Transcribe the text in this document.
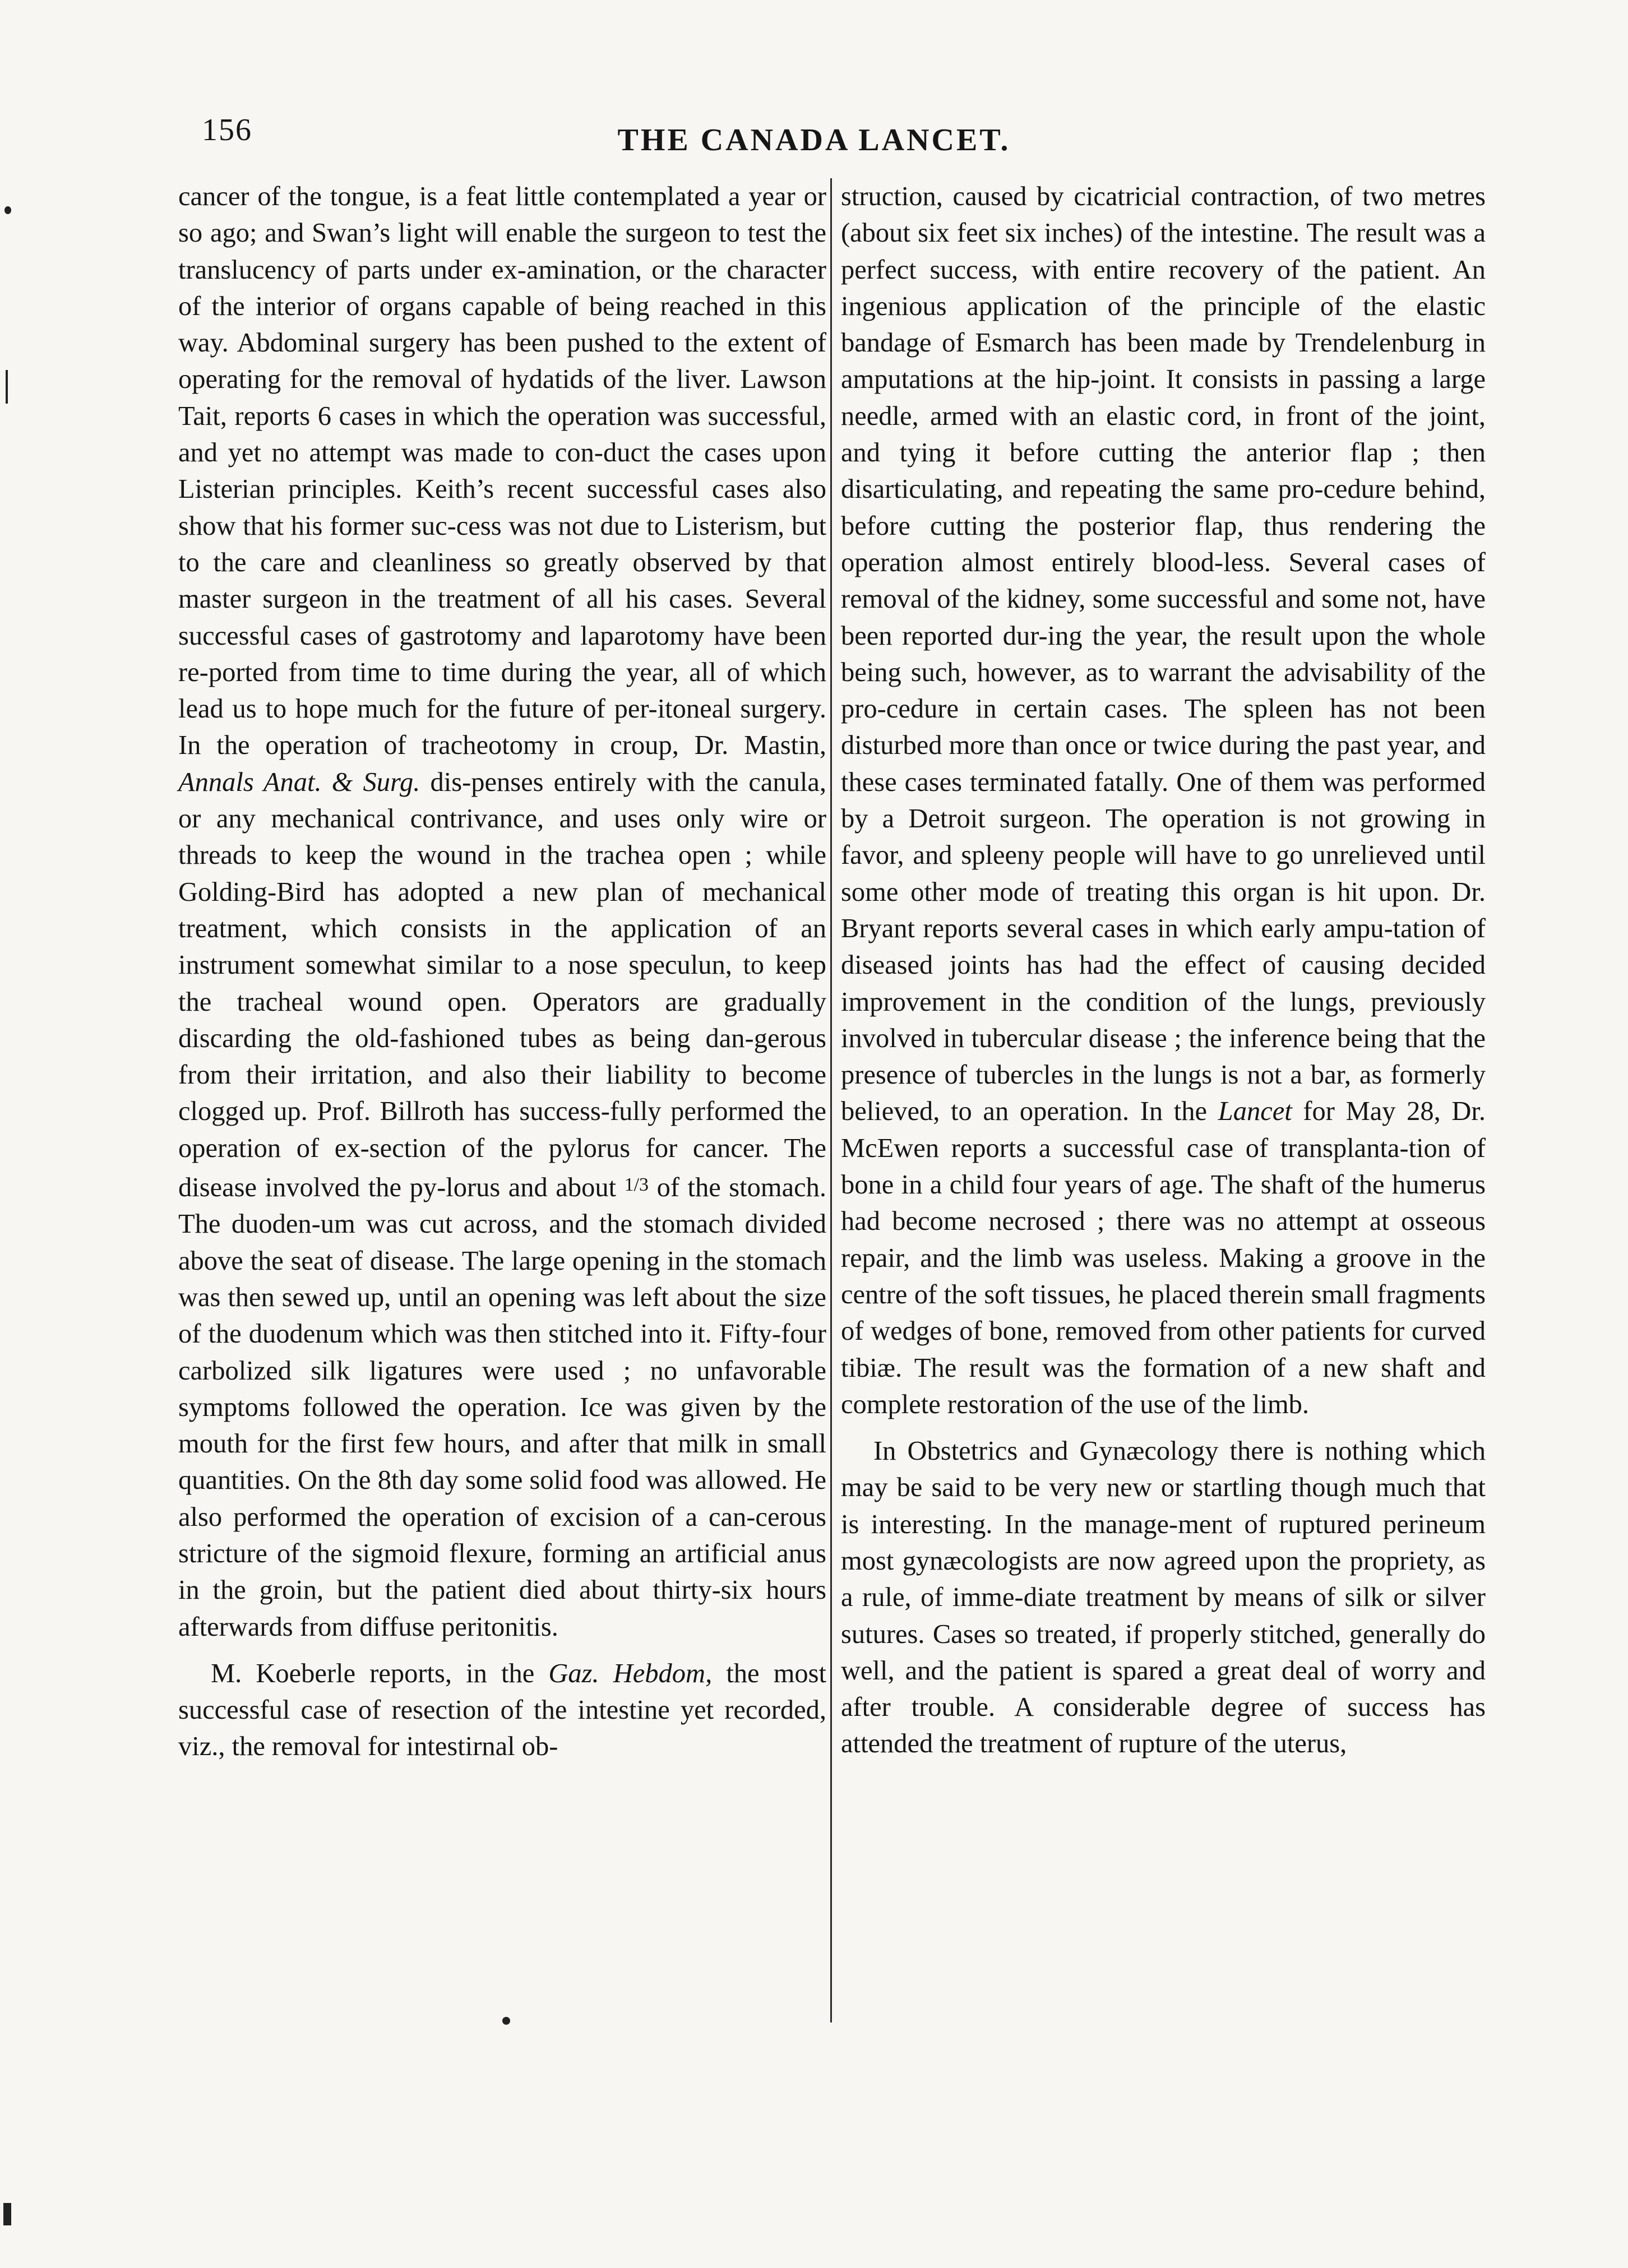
156	THE CANADA LANCET.

cancer of the tongue, is a feat little contemplated a year or so ago; and Swan’s light will enable the surgeon to test the translucency of parts under ex-amination, or the character of the interior of organs capable of being reached in this way. Abdominal surgery has been pushed to the extent of operating for the removal of hydatids of the liver. Lawson Tait, reports 6 cases in which the operation was successful, and yet no attempt was made to con-duct the cases upon Listerian principles. Keith’s recent successful cases also show that his former suc-cess was not due to Listerism, but to the care and cleanliness so greatly observed by that master surgeon in the treatment of all his cases. Several successful cases of gastrotomy and laparotomy have been re-ported from time to time during the year, all of which lead us to hope much for the future of per-itoneal surgery. In the operation of tracheotomy in croup, Dr. Mastin, Annals Anat. & Surg. dis-penses entirely with the canula, or any mechanical contrivance, and uses only wire or threads to keep the wound in the trachea open ; while Golding-Bird has adopted a new plan of mechanical treatment, which consists in the application of an instrument somewhat similar to a nose speculun, to keep the tracheal wound open. Operators are gradually discarding the old-fashioned tubes as being dan-gerous from their irritation, and also their liability to become clogged up. Prof. Billroth has success-fully performed the operation of ex-section of the pylorus for cancer. The disease involved the py-lorus and about $^{1/3}$ of the stomach. The duoden-um was cut across, and the stomach divided above the seat of disease. The large opening in the stomach was then sewed up, until an opening was left about the size of the duodenum which was then stitched into it. Fifty-four carbolized silk ligatures were used ; no unfavorable symptoms followed the operation. Ice was given by the mouth for the first few hours, and after that milk in small quantities. On the 8th day some solid food was allowed. He also performed the operation of excision of a can-cerous stricture of the sigmoid flexure, forming an artificial anus in the groin, but the patient died about thirty-six hours afterwards from diffuse peritonitis.

M. Koeberle reports, in the Gaz. Hebdom, the most successful case of resection of the intestine yet recorded, viz., the removal for intestirnal ob-

struction, caused by cicatricial contraction, of two metres (about six feet six inches) of the intestine. The result was a perfect success, with entire recovery of the patient. An ingenious application of the principle of the elastic bandage of Esmarch has been made by Trendelenburg in amputations at the hip-joint. It consists in passing a large needle, armed with an elastic cord, in front of the joint, and tying it before cutting the anterior flap ; then disarticulating, and repeating the same pro-cedure behind, before cutting the posterior flap, thus rendering the operation almost entirely blood-less. Several cases of removal of the kidney, some successful and some not, have been reported dur-ing the year, the result upon the whole being such, however, as to warrant the advisability of the pro-cedure in certain cases. The spleen has not been disturbed more than once or twice during the past year, and these cases terminated fatally. One of them was performed by a Detroit surgeon. The operation is not growing in favor, and spleeny people will have to go unrelieved until some other mode of treating this organ is hit upon. Dr. Bryant reports several cases in which early ampu-tation of diseased joints has had the effect of causing decided improvement in the condition of the lungs, previously involved in tubercular disease ; the inference being that the presence of tubercles in the lungs is not a bar, as formerly believed, to an operation. In the Lancet for May 28, Dr. McEwen reports a successful case of transplanta-tion of bone in a child four years of age. The shaft of the humerus had become necrosed ; there was no attempt at osseous repair, and the limb was useless. Making a groove in the centre of the soft tissues, he placed therein small fragments of wedges of bone, removed from other patients for curved tibiæ. The result was the formation of a new shaft and complete restoration of the use of the limb.

In Obstetrics and Gynæcology there is nothing which may be said to be very new or startling though much that is interesting. In the manage-ment of ruptured perineum most gynæcologists are now agreed upon the propriety, as a rule, of imme-diate treatment by means of silk or silver sutures. Cases so treated, if properly stitched, generally do well, and the patient is spared a great deal of worry and after trouble. A considerable degree of success has attended the treatment of rupture of the uterus,
